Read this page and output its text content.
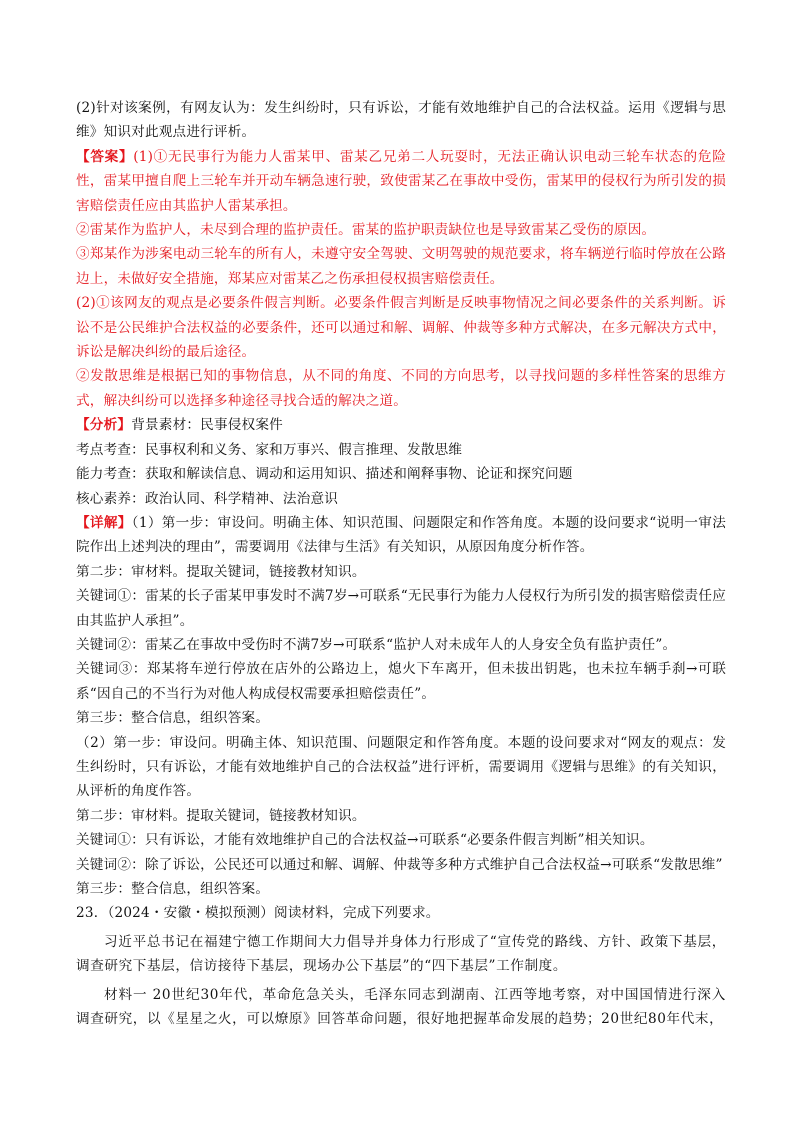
(2)针对该案例，有网友认为：发生纠纷时，只有诉讼，才能有效地维护自己的合法权益。运用《逻辑与思维》知识对此观点进行评析。

【答案】(1)①无民事行为能力人雷某甲、雷某乙兄弟二人玩耍时，无法正确认识电动三轮车状态的危险性，雷某甲擅自爬上三轮车并开动车辆急速行驶，致使雷某乙在事故中受伤，雷某甲的侵权行为所引发的损害赔偿责任应由其监护人雷某承担。

②雷某作为监护人，未尽到合理的监护责任。雷某的监护职责缺位也是导致雷某乙受伤的原因。

③郑某作为涉案电动三轮车的所有人，未遵守安全驾驶、文明驾驶的规范要求，将车辆逆行临时停放在公路边上，未做好安全措施，郑某应对雷某乙之伤承担侵权损害赔偿责任。

(2)①该网友的观点是必要条件假言判断。必要条件假言判断是反映事物情况之间必要条件的关系判断。诉讼不是公民维护合法权益的必要条件，还可以通过和解、调解、仲裁等多种方式解决，在多元解决方式中，诉讼是解决纠纷的最后途径。

②发散思维是根据已知的事物信息，从不同的角度、不同的方向思考，以寻找问题的多样性答案的思维方式，解决纠纷可以选择多种途径寻找合适的解决之道。

【分析】背景素材：民事侵权案件

考点考查：民事权利和义务、家和万事兴、假言推理、发散思维

能力考查：获取和解读信息、调动和运用知识、描述和阐释事物、论证和探究问题

核心素养：政治认同、科学精神、法治意识

【详解】（1）第一步：审设问。明确主体、知识范围、问题限定和作答角度。本题的设问要求“说明一审法院作出上述判决的理由”，需要调用《法律与生活》有关知识，从原因角度分析作答。

第二步：审材料。提取关键词，链接教材知识。

关键词①：雷某的长子雷某甲事发时不满7岁→可联系“无民事行为能力人侵权行为所引发的损害赔偿责任应由其监护人承担”。

关键词②：雷某乙在事故中受伤时不满7岁→可联系“监护人对未成年人的人身安全负有监护责任”。

关键词③：郑某将车逆行停放在店外的公路边上，熄火下车离开，但未拔出钥匙，也未拉车辆手刹→可联系“因自己的不当行为对他人构成侵权需要承担赔偿责任”。

第三步：整合信息，组织答案。

（2）第一步：审设问。明确主体、知识范围、问题限定和作答角度。本题的设问要求对“网友的观点：发生纠纷时，只有诉讼，才能有效地维护自己的合法权益”进行评析，需要调用《逻辑与思维》的有关知识，从评析的角度作答。

第二步：审材料。提取关键词，链接教材知识。

关键词①：只有诉讼，才能有效地维护自己的合法权益→可联系“必要条件假言判断”相关知识。

关键词②：除了诉讼，公民还可以通过和解、调解、仲裁等多种方式维护自己合法权益→可联系“发散思维”

第三步：整合信息，组织答案。

23．（2024・安徽・模拟预测）阅读材料，完成下列要求。

习近平总书记在福建宁德工作期间大力倡导并身体力行形成了“宣传党的路线、方针、政策下基层，调查研究下基层，信访接待下基层，现场办公下基层”的“四下基层”工作制度。

材料一 20世纪30年代，革命危急关头，毛泽东同志到湖南、江西等地考察，对中国国情进行深入调查研究，以《星星之火，可以燎原》回答革命问题，很好地把握革命发展的趋势；20世纪80年代末，
